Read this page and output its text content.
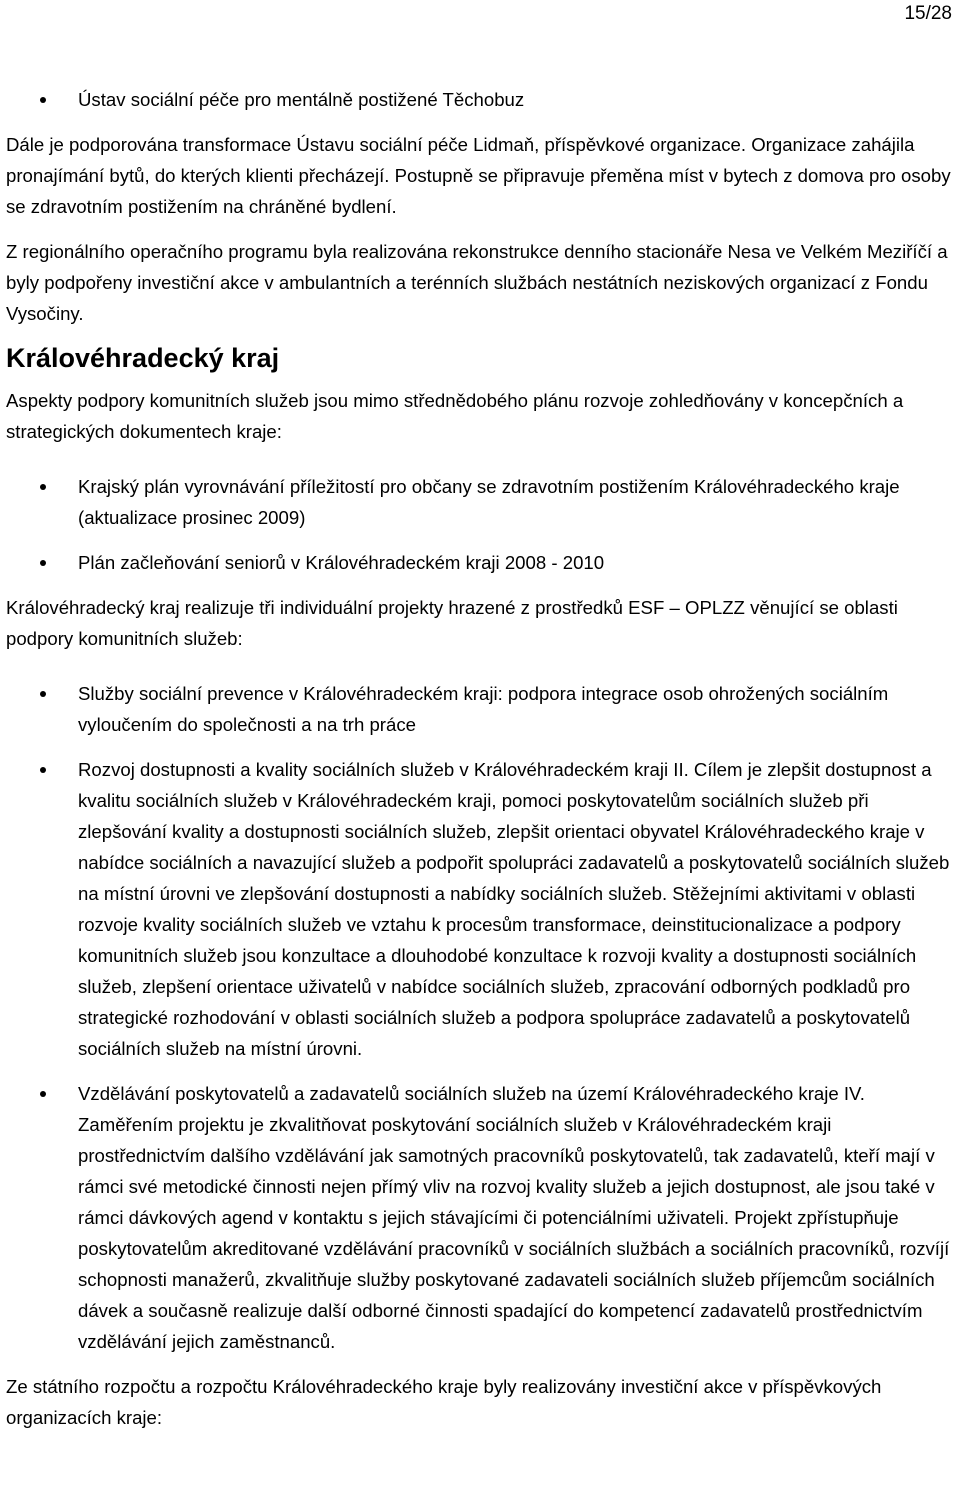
15/28
Ústav sociální péče pro mentálně postižené Těchobuz

Dále je podporována transformace Ústavu sociální péče Lidmaň, příspěvkové organizace. Organizace zahájila pronajímání bytů, do kterých klienti přecházejí. Postupně se připravuje přeměna míst v bytech z domova pro osoby se zdravotním postižením na chráněné bydlení.

Z regionálního operačního programu byla realizována rekonstrukce denního stacionáře Nesa ve Velkém Meziříčí a byly podpořeny investiční akce v ambulantních a terénních službách nestátních neziskových organizací z Fondu Vysočiny.

Královéhradecký kraj

Aspekty podpory komunitních služeb jsou mimo střednědobého plánu rozvoje zohledňovány v koncepčních a strategických dokumentech kraje:

Krajský plán vyrovnávání příležitostí pro občany se zdravotním postižením Královéhradeckého kraje (aktualizace prosinec 2009)
Plán začleňování seniorů v Královéhradeckém kraji 2008 - 2010

Královéhradecký kraj realizuje tři individuální projekty hrazené z prostředků ESF – OPLZZ věnující se oblasti podpory komunitních služeb:

Služby sociální prevence v Královéhradeckém kraji: podpora integrace osob ohrožených sociálním vyloučením do společnosti a na trh práce
Rozvoj dostupnosti a kvality sociálních služeb v Královéhradeckém kraji II. Cílem je zlepšit dostupnost a kvalitu sociálních služeb v Královéhradeckém kraji, pomoci poskytovatelům sociálních služeb při zlepšování kvality a dostupnosti sociálních služeb, zlepšit orientaci obyvatel Královéhradeckého kraje v nabídce sociálních a navazující služeb a podpořit spolupráci zadavatelů a poskytovatelů sociálních služeb na místní úrovni ve zlepšování dostupnosti a nabídky sociálních služeb. Stěžejními aktivitami v oblasti rozvoje kvality sociálních služeb ve vztahu k procesům transformace, deinstitucionalizace a podpory komunitních služeb jsou konzultace a dlouhodobé konzultace k rozvoji kvality a dostupnosti sociálních služeb, zlepšení orientace uživatelů v nabídce sociálních služeb, zpracování odborných podkladů pro strategické rozhodování v oblasti sociálních služeb a podpora spolupráce zadavatelů a poskytovatelů sociálních služeb na místní úrovni.
Vzdělávání poskytovatelů a zadavatelů sociálních služeb na území Královéhradeckého kraje IV. Zaměřením projektu je zkvalitňovat poskytování sociálních služeb v Královéhradeckém kraji prostřednictvím dalšího vzdělávání jak samotných pracovníků poskytovatelů, tak zadavatelů, kteří mají v rámci své metodické činnosti nejen přímý vliv na rozvoj kvality služeb a jejich dostupnost, ale jsou také v rámci dávkových agend v kontaktu s jejich stávajícími či potenciálními uživateli. Projekt zpřístupňuje poskytovatelům akreditované vzdělávání pracovníků v sociálních službách a sociálních pracovníků, rozvíjí schopnosti manažerů, zkvalitňuje služby poskytované zadavateli sociálních služeb příjemcům sociálních dávek a současně realizuje další odborné činnosti spadající do kompetencí zadavatelů prostřednictvím vzdělávání jejich zaměstnanců.

Ze státního rozpočtu a rozpočtu Královéhradeckého kraje byly realizovány investiční akce v příspěvkových organizacích kraje:
